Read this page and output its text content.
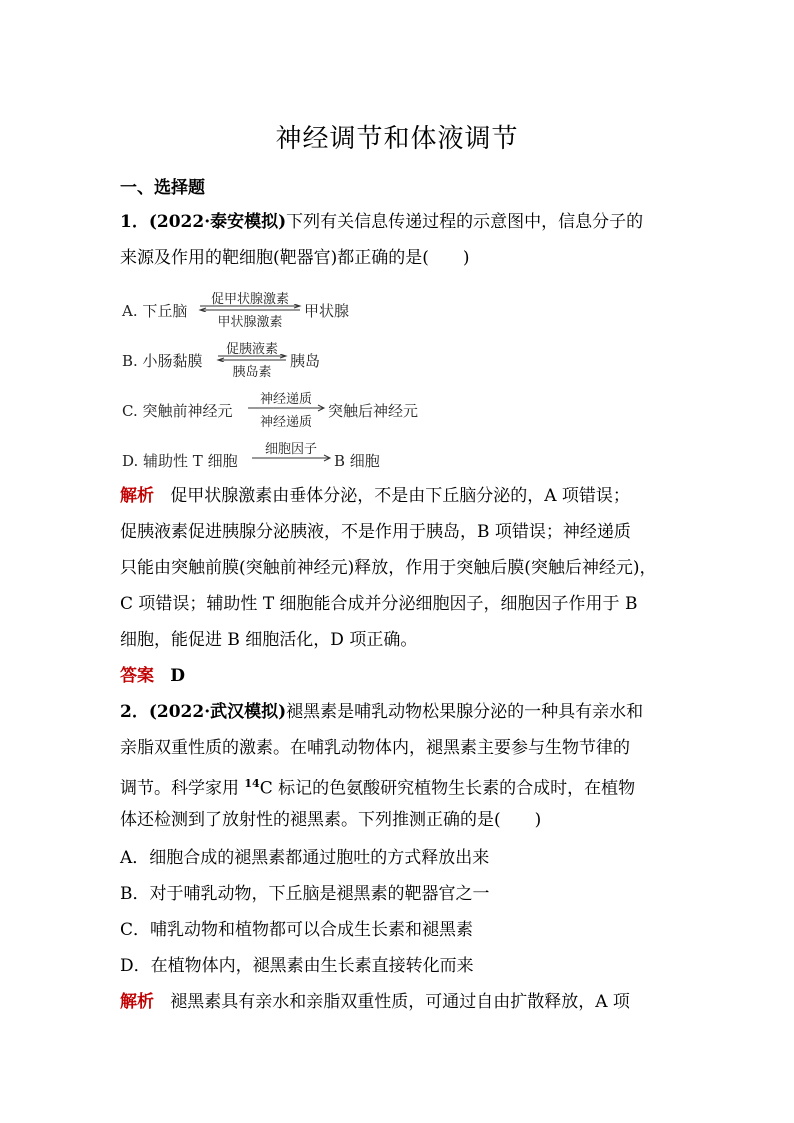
神经调节和体液调节
一、选择题
1．(2022·泰安模拟)下列有关信息传递过程的示意图中，信息分子的
来源及作用的靶细胞(靶器官)都正确的是(　　)
A. 下丘脑
促甲状腺激素
甲状腺激素
甲状腺
B. 小肠黏膜
促胰液素
胰岛素
胰岛
C. 突触前神经元
神经递质
神经递质
突触后神经元
D. 辅助性 T 细胞
细胞因子
B 细胞
解析 促甲状腺激素由垂体分泌，不是由下丘脑分泌的，A 项错误；
促胰液素促进胰腺分泌胰液，不是作用于胰岛，B 项错误；神经递质
只能由突触前膜(突触前神经元)释放，作用于突触后膜(突触后神经元)，
C 项错误；辅助性 T 细胞能合成并分泌细胞因子，细胞因子作用于 B
细胞，能促进 B 细胞活化，D 项正确。
答案 D
2．(2022·武汉模拟)褪黑素是哺乳动物松果腺分泌的一种具有亲水和
亲脂双重性质的激素。在哺乳动物体内，褪黑素主要参与生物节律的
调节。科学家用 $^{14}$C 标记的色氨酸研究植物生长素的合成时，在植物
体还检测到了放射性的褪黑素。下列推测正确的是(　　)
A．细胞合成的褪黑素都通过胞吐的方式释放出来
B．对于哺乳动物，下丘脑是褪黑素的靶器官之一
C．哺乳动物和植物都可以合成生长素和褪黑素
D．在植物体内，褪黑素由生长素直接转化而来
解析 褪黑素具有亲水和亲脂双重性质，可通过自由扩散释放，A 项
